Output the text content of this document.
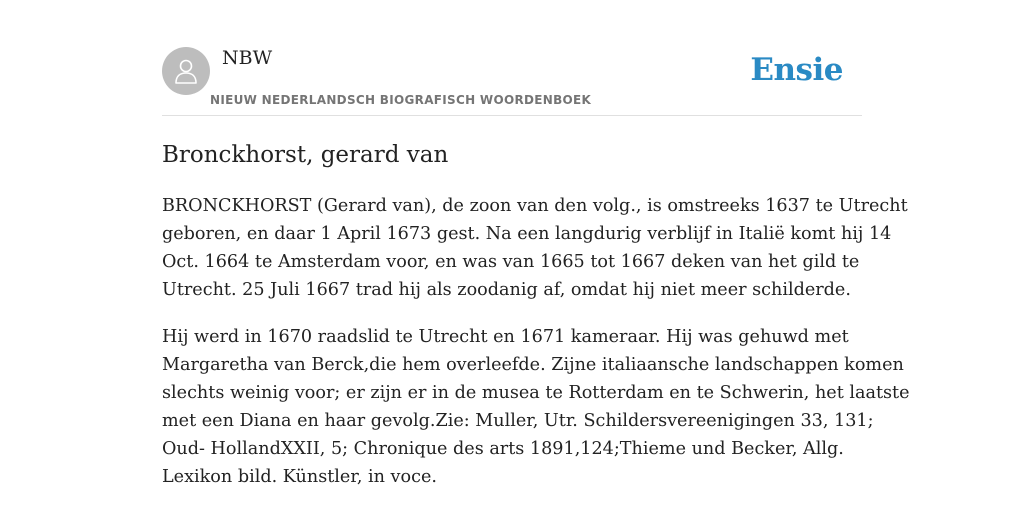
NBW
NIEUW NEDERLANDSCH BIOGRAFISCH WOORDENBOEK
Ensie
Bronckhorst, gerard van

BRONCKHORST (Gerard van), de zoon van den volg., is omstreeks 1637 te Utrecht
geboren, en daar 1 April 1673 gest. Na een langdurig verblijf in Italië komt hij 14
Oct. 1664 te Amsterdam voor, en was van 1665 tot 1667 deken van het gild te
Utrecht. 25 Juli 1667 trad hij als zoodanig af, omdat hij niet meer schilderde.

Hij werd in 1670 raadslid te Utrecht en 1671 kameraar. Hij was gehuwd met
Margaretha van Berck,die hem overleefde. Zijne italiaansche landschappen komen
slechts weinig voor; er zijn er in de musea te Rotterdam en te Schwerin, het laatste
met een Diana en haar gevolg.Zie: Muller, Utr. Schildersvereenigingen 33, 131;
Oud- HollandXXII, 5; Chronique des arts 1891,124;Thieme und Becker, Allg.
Lexikon bild. Künstler, in voce.
